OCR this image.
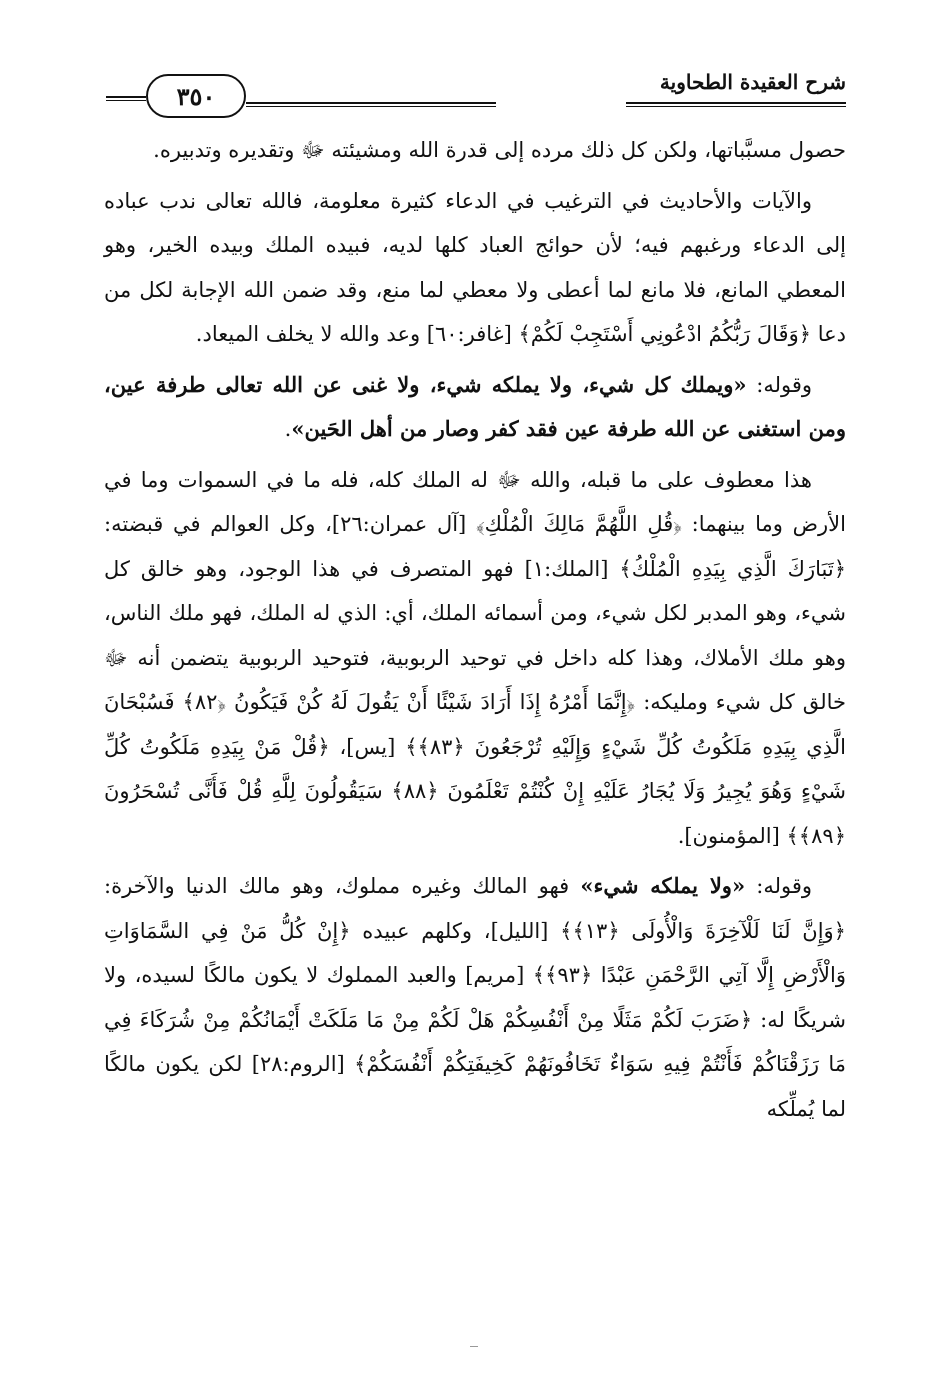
شرح العقيدة الطحاوية
٣٥٠

حصول مسبَّباتها، ولكن كل ذلك مرده إلى قدرة الله ومشيئته ﷻ وتقديره وتدبيره.

والآيات والأحاديث في الترغيب في الدعاء كثيرة معلومة، فالله تعالى ندب عباده إلى الدعاء ورغبهم فيه؛ لأن حوائج العباد كلها لديه، فبيده الملك وبيده الخير، وهو المعطي المانع، فلا مانع لما أعطى ولا معطي لما منع، وقد ضمن الله الإجابة لكل من دعا ﴿وَقَالَ رَبُّكُمُ ادْعُونِي أَسْتَجِبْ لَكُمْ﴾ [غافر:٦٠] وعد والله لا يخلف الميعاد.

وقوله: «ويملك كل شيء، ولا يملكه شيء، ولا غنى عن الله تعالى طرفة عين، ومن استغنى عن الله طرفة عين فقد كفر وصار من أهل الحَين».

هذا معطوف على ما قبله، والله ﷻ له الملك كله، فله ما في السموات وما في الأرض وما بينهما: ﴿قُلِ اللَّهُمَّ مَالِكَ الْمُلْكِ﴾ [آل عمران:٢٦]، وكل العوالم في قبضته: ﴿تَبَارَكَ الَّذِي بِيَدِهِ الْمُلْكُ﴾ [الملك:١] فهو المتصرف في هذا الوجود، وهو خالق كل شيء، وهو المدبر لكل شيء، ومن أسمائه الملك، أي: الذي له الملك، فهو ملك الناس، وهو ملك الأملاك، وهذا كله داخل في توحيد الربوبية، فتوحيد الربوبية يتضمن أنه ﷻ خالق كل شيء ومليكه: ﴿إِنَّمَا أَمْرُهُ إِذَا أَرَادَ شَيْئًا أَنْ يَقُولَ لَهُ كُنْ فَيَكُونُ ﴿٨٢﴾ فَسُبْحَانَ الَّذِي بِيَدِهِ مَلَكُوتُ كُلِّ شَيْءٍ وَإِلَيْهِ تُرْجَعُونَ ﴿٨٣﴾﴾ [يس]، ﴿قُلْ مَنْ بِيَدِهِ مَلَكُوتُ كُلِّ شَيْءٍ وَهُوَ يُجِيرُ وَلَا يُجَارُ عَلَيْهِ إِنْ كُنْتُمْ تَعْلَمُونَ ﴿٨٨﴾ سَيَقُولُونَ لِلَّهِ قُلْ فَأَنَّى تُسْحَرُونَ ﴿٨٩﴾﴾ [المؤمنون].

وقوله: «ولا يملكه شيء» فهو المالك وغيره مملوك، وهو مالك الدنيا والآخرة: ﴿وَإِنَّ لَنَا لَلْآخِرَةَ وَالْأُولَى ﴿١٣﴾﴾ [الليل]، وكلهم عبيده ﴿إِنْ كُلُّ مَنْ فِي السَّمَاوَاتِ وَالْأَرْضِ إِلَّا آتِي الرَّحْمَنِ عَبْدًا ﴿٩٣﴾﴾ [مريم] والعبد المملوك لا يكون مالكًا لسيده، ولا شريكًا له: ﴿ضَرَبَ لَكُمْ مَثَلًا مِنْ أَنْفُسِكُمْ هَلْ لَكُمْ مِنْ مَا مَلَكَتْ أَيْمَانُكُمْ مِنْ شُرَكَاءَ فِي مَا رَزَقْنَاكُمْ فَأَنْتُمْ فِيهِ سَوَاءٌ تَخَافُونَهُمْ كَخِيفَتِكُمْ أَنْفُسَكُمْ﴾ [الروم:٢٨] لكن يكون مالكًا لما يُملِّكه
